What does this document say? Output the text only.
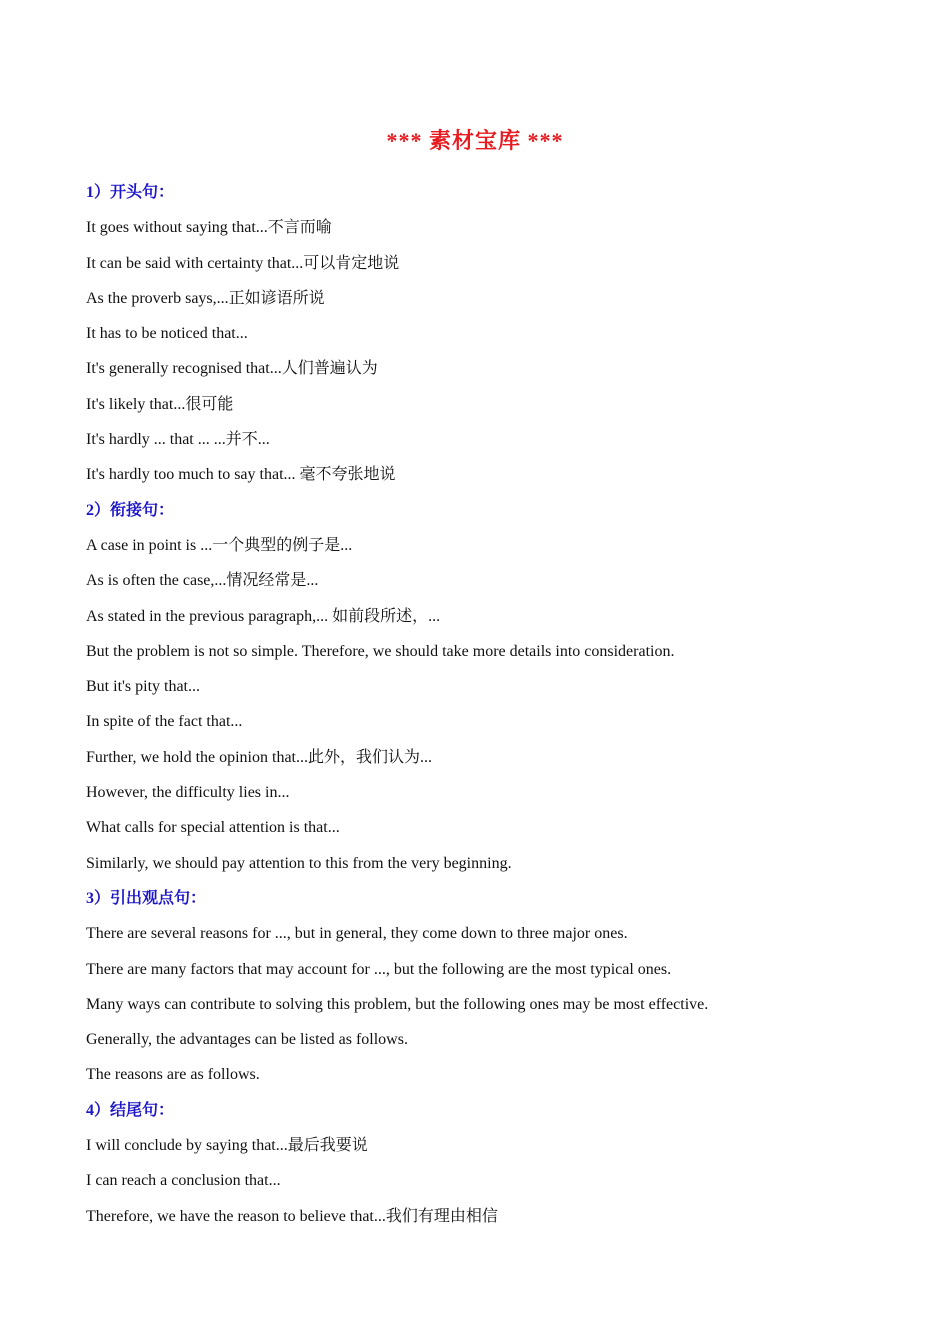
*** 素材宝库 ***
1）开头句：
It goes without saying that...不言而喻
It can be said with certainty that...可以肯定地说
As the proverb says,...正如谚语所说
It has to be noticed that...
It's generally recognised that...人们普遍认为
It's likely that...很可能
It's hardly ... that ... ...并不...
It's hardly too much to say that... 毫不夸张地说
2）衔接句：
A case in point is ...一个典型的例子是...
As is often the case,...情况经常是...
As stated in the previous paragraph,... 如前段所述，...
But the problem is not so simple. Therefore, we should take more details into consideration.
But it's pity that...
In spite of the fact that...
Further, we hold the opinion that...此外，我们认为...
However, the difficulty lies in...
What calls for special attention is that...
Similarly, we should pay attention to this from the very beginning.
3）引出观点句：
There are several reasons for ..., but in general, they come down to three major ones.
There are many factors that may account for ..., but the following are the most typical ones.
Many ways can contribute to solving this problem, but the following ones may be most effective.
Generally, the advantages can be listed as follows.
The reasons are as follows.
4）结尾句：
I will conclude by saying that...最后我要说
I can reach a conclusion that...
Therefore, we have the reason to believe that...我们有理由相信
